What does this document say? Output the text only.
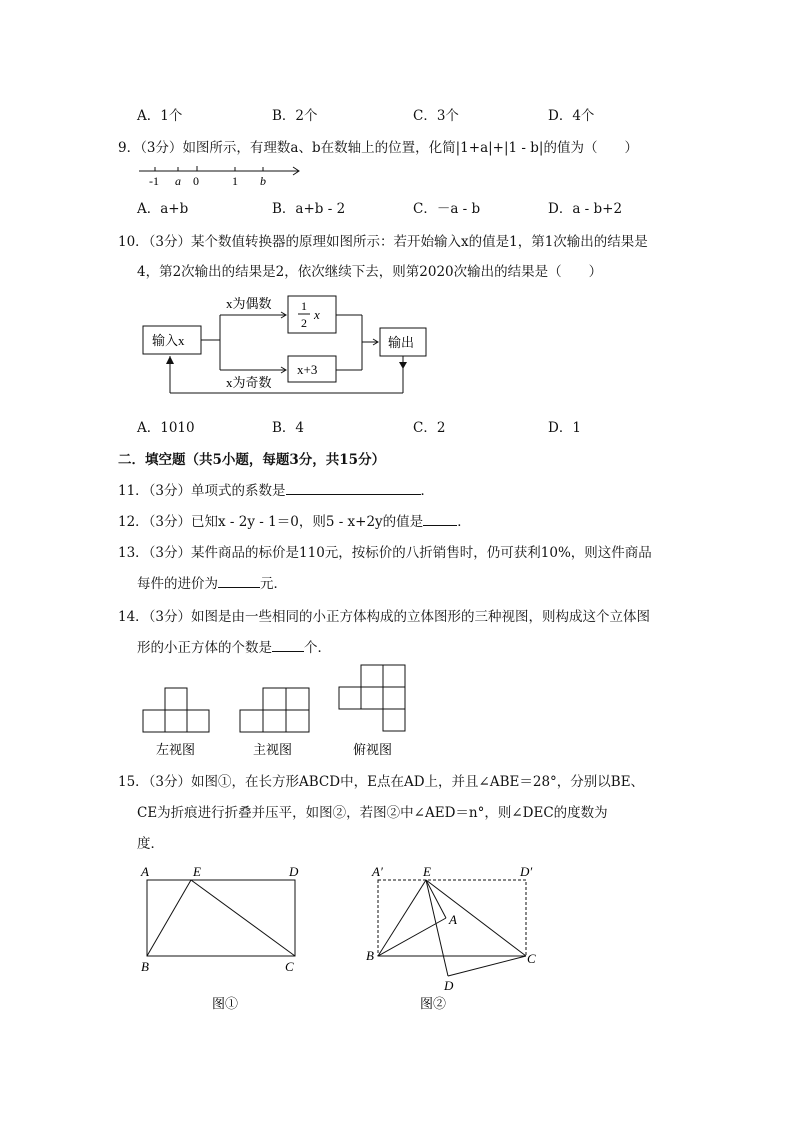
A．1个	B．2个	C．3个	D．4个
9．（3分）如图所示，有理数a、b在数轴上的位置，化简|1+a|+|1 - b|的值为（　　）
-1 a 0	1 b
A．a+b	B．a+b - 2	C．－a - b	D．a - b+2
10．（3分）某个数值转换器的原理如图所示：若开始输入x的值是1，第1次输出的结果是
4，第2次输出的结果是2，依次继续下去，则第2020次输出的结果是（　　）
输入x
x为偶数 1
2
x
x+3
输出
x为奇数
A．1010	B．4	C．2	D．1
二．填空题（共5小题，每题3分，共15分）
11．（3分）单项式的系数是	．
12．（3分）已知x - 2y - 1＝0，则5 - x+2y的值是	．
13．（3分）某件商品的标价是110元，按标价的八折销售时，仍可获利10%，则这件商品
每件的进价为	元．
14．（3分）如图是由一些相同的小正方体构成的立体图形的三种视图，则构成这个立体图
形的小正方体的个数是 个．
左视图	主视图	俯视图
15．（3分）如图①，在长方形ABCD中，E点在AD上，并且∠ABE＝28°，分别以BE、
CE为折痕进行折叠并压平，如图②，若图②中∠AED＝n°，则∠DEC的度数为
度．
A	E	D
B	C
图①
A′	E	D′
A
B	C
D
图②
